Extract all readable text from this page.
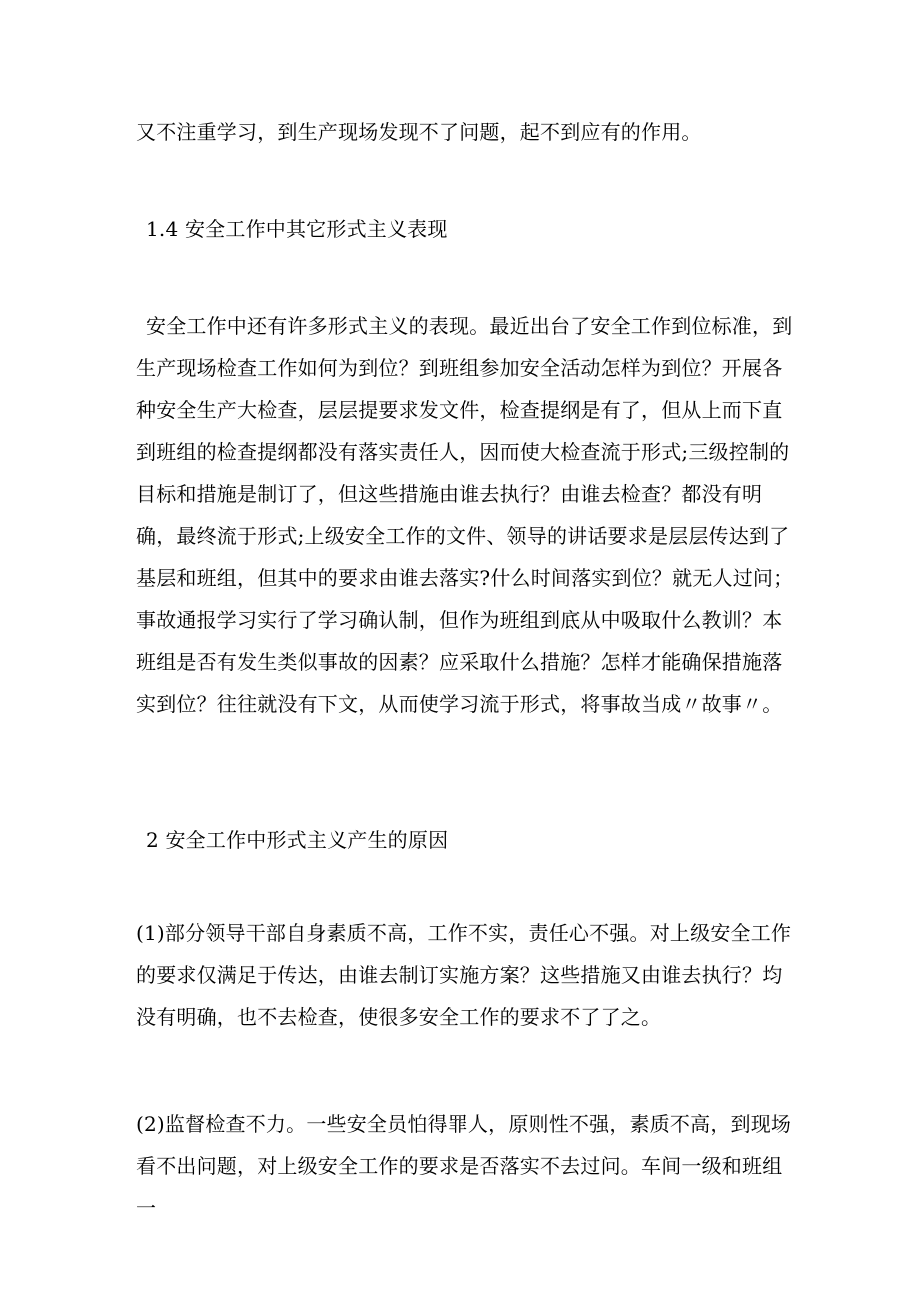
又不注重学习，到生产现场发现不了问题，起不到应有的作用。

1.4 安全工作中其它形式主义表现

安全工作中还有许多形式主义的表现。最近出台了安全工作到位标准，到生产现场检查工作如何为到位？到班组参加安全活动怎样为到位？开展各种安全生产大检查，层层提要求发文件，检查提纲是有了，但从上而下直到班组的检查提纲都没有落实责任人，因而使大检查流于形式;三级控制的目标和措施是制订了，但这些措施由谁去执行？由谁去检查？都没有明确，最终流于形式;上级安全工作的文件、领导的讲话要求是层层传达到了基层和班组，但其中的要求由谁去落实?什么时间落实到位？就无人过问；事故通报学习实行了学习确认制，但作为班组到底从中吸取什么教训？本班组是否有发生类似事故的因素？应采取什么措施？怎样才能确保措施落实到位？往往就没有下文，从而使学习流于形式，将事故当成〃故事〃。

2 安全工作中形式主义产生的原因

(1)部分领导干部自身素质不高，工作不实，责任心不强。对上级安全工作的要求仅满足于传达，由谁去制订实施方案？这些措施又由谁去执行？均没有明确，也不去检查，使很多安全工作的要求不了了之。

(2)监督检查不力。一些安全员怕得罪人，原则性不强，素质不高，到现场看不出问题，对上级安全工作的要求是否落实不去过问。车间一级和班组一
